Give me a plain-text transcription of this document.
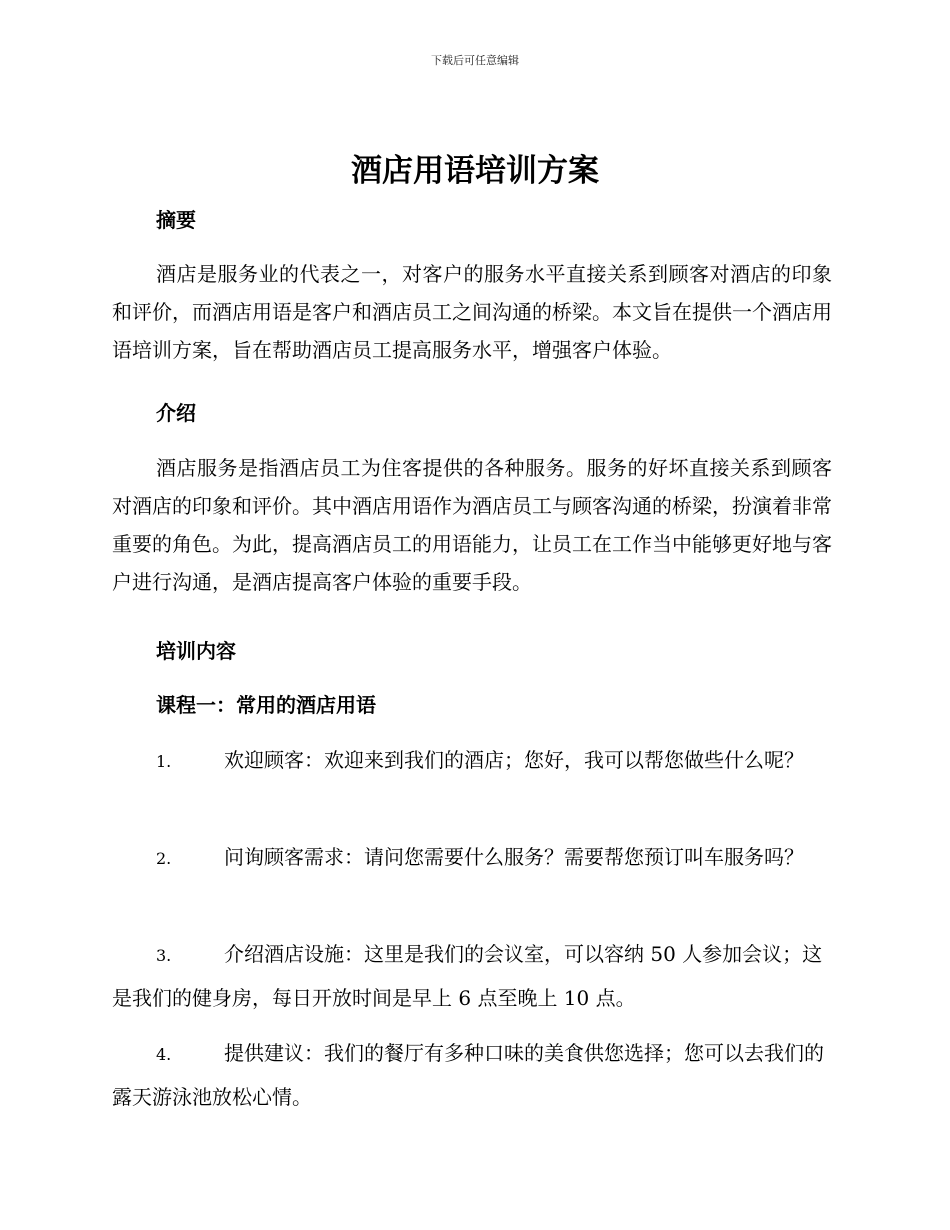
下载后可任意编辑
酒店用语培训方案
摘要

酒店是服务业的代表之一，对客户的服务水平直接关系到顾客对酒店的印象和评价，而酒店用语是客户和酒店员工之间沟通的桥梁。本文旨在提供一个酒店用语培训方案，旨在帮助酒店员工提高服务水平，增强客户体验。

介绍

酒店服务是指酒店员工为住客提供的各种服务。服务的好坏直接关系到顾客对酒店的印象和评价。其中酒店用语作为酒店员工与顾客沟通的桥梁，扮演着非常重要的角色。为此，提高酒店员工的用语能力，让员工在工作当中能够更好地与客户进行沟通，是酒店提高客户体验的重要手段。

培训内容
课程一：常用的酒店用语

1.	欢迎顾客：欢迎来到我们的酒店；您好，我可以帮您做些什么呢？

2.	问询顾客需求：请问您需要什么服务？需要帮您预订叫车服务吗？

3.	介绍酒店设施：这里是我们的会议室，可以容纳 50 人参加会议；这是我们的健身房，每日开放时间是早上 6 点至晚上 10 点。

4.	提供建议：我们的餐厅有多种口味的美食供您选择；您可以去我们的露天游泳池放松心情。
